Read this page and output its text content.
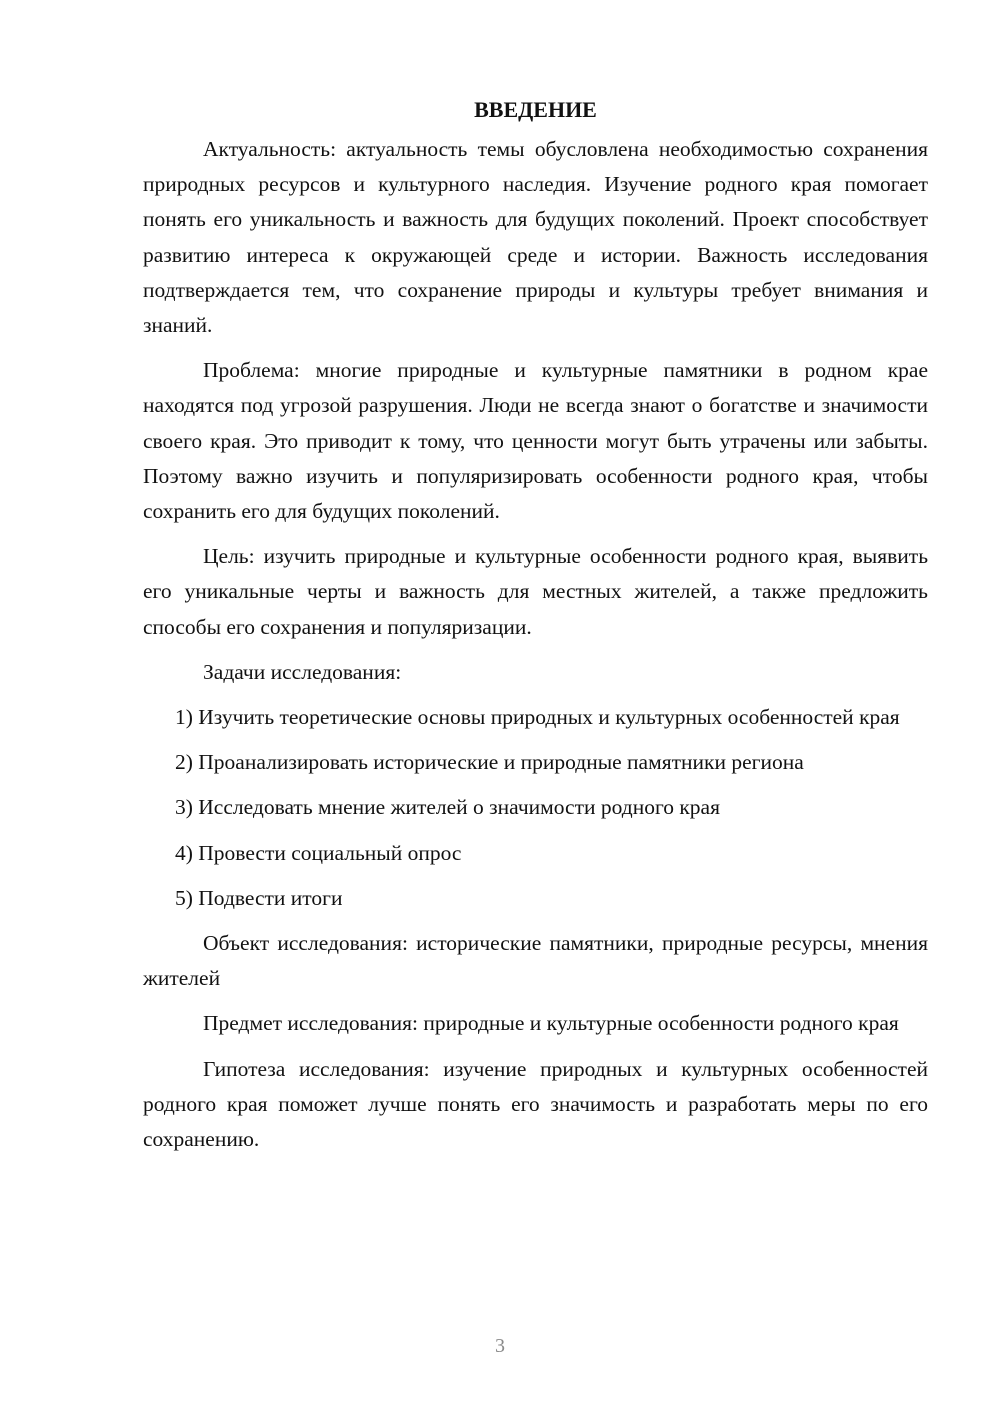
ВВЕДЕНИЕ

Актуальность: актуальность темы обусловлена необходимостью сохранения природных ресурсов и культурного наследия. Изучение родного края помогает понять его уникальность и важность для будущих поколений. Проект способствует развитию интереса к окружающей среде и истории. Важность исследования подтверждается тем, что сохранение природы и культуры требует внимания и знаний.

Проблема: многие природные и культурные памятники в родном крае находятся под угрозой разрушения. Люди не всегда знают о богатстве и значимости своего края. Это приводит к тому, что ценности могут быть утрачены или забыты. Поэтому важно изучить и популяризировать особенности родного края, чтобы сохранить его для будущих поколений.

Цель: изучить природные и культурные особенности родного края, выявить его уникальные черты и важность для местных жителей, а также предложить способы его сохранения и популяризации.

Задачи исследования:

1) Изучить теоретические основы природных и культурных особенностей края

2) Проанализировать исторические и природные памятники региона

3) Исследовать мнение жителей о значимости родного края

4) Провести социальный опрос

5) Подвести итоги

Объект исследования: исторические памятники, природные ресурсы, мнения жителей

Предмет исследования: природные и культурные особенности родного края

Гипотеза исследования: изучение природных и культурных особенностей родного края поможет лучше понять его значимость и разработать меры по его сохранению.

3
